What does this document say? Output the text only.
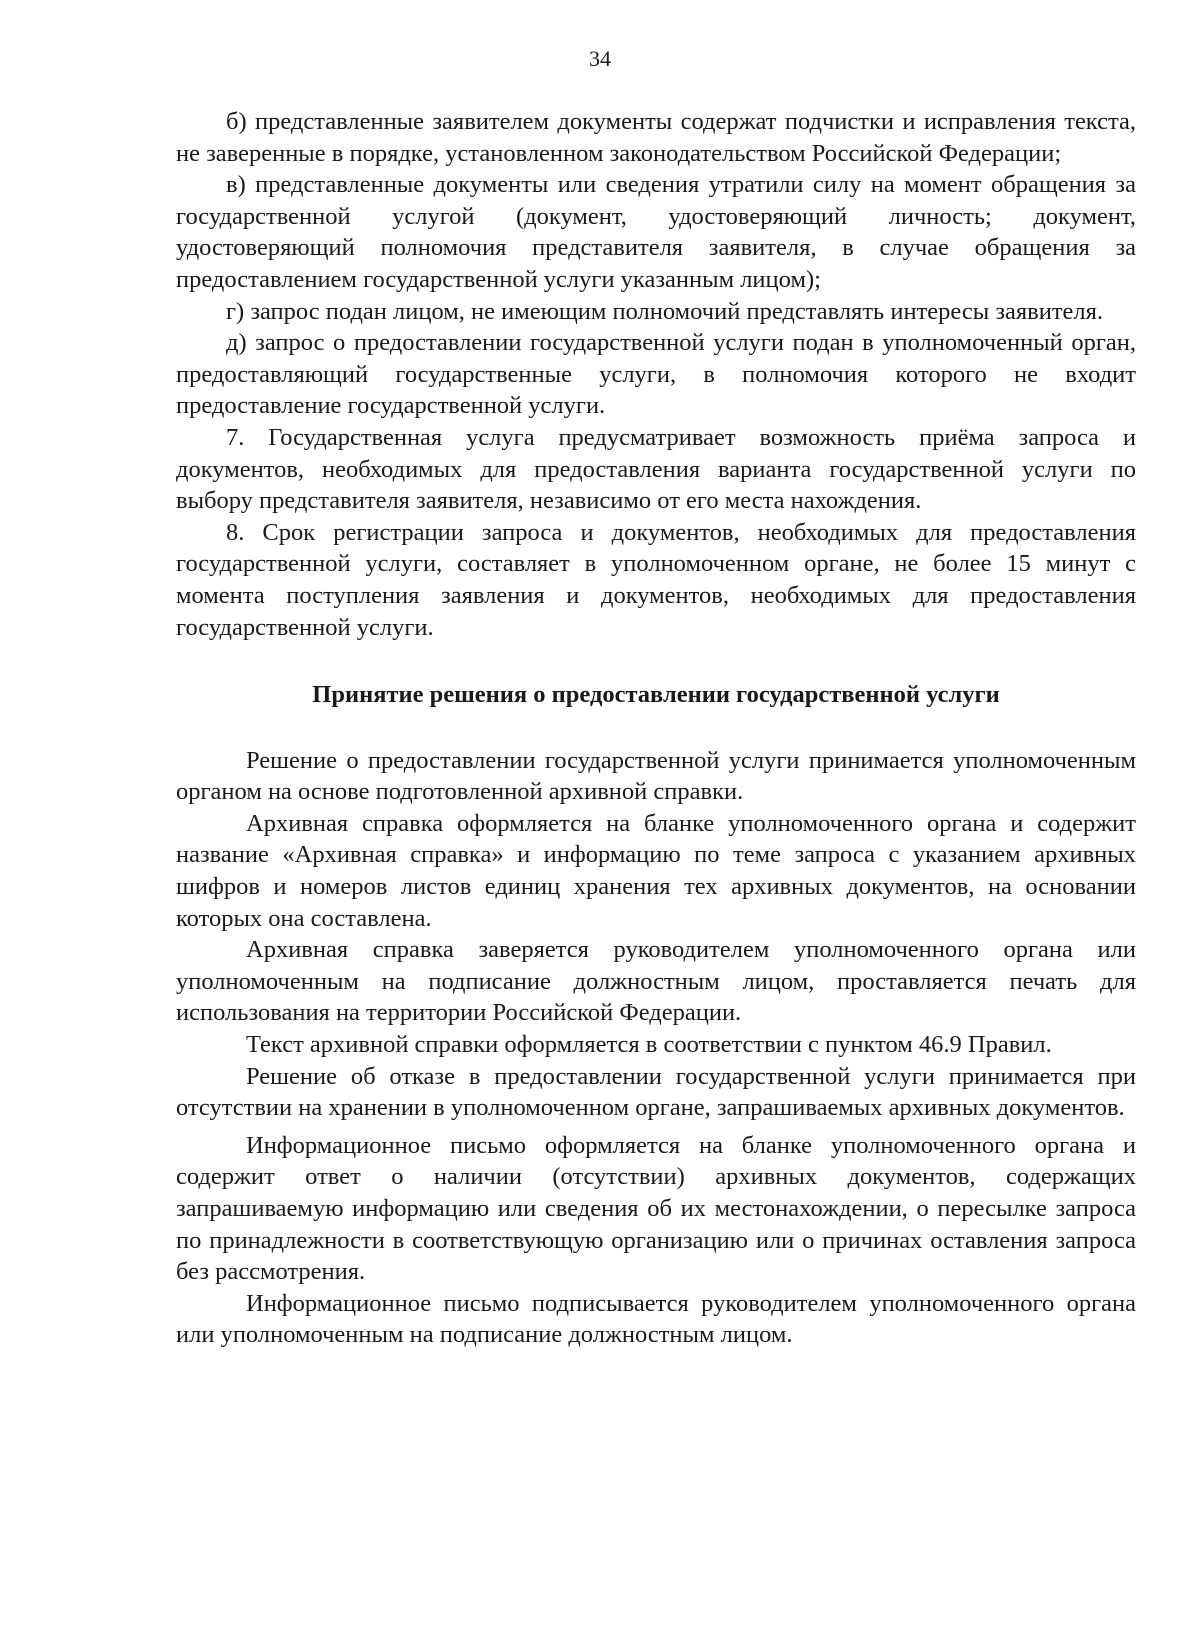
34

б) представленные заявителем документы содержат подчистки и исправления текста, не заверенные в порядке, установленном законодательством Российской Федерации;

в) представленные документы или сведения утратили силу на момент обращения за государственной услугой (документ, удостоверяющий личность; документ, удостоверяющий полномочия представителя заявителя, в случае обращения за предоставлением государственной услуги указанным лицом);

г) запрос подан лицом, не имеющим полномочий представлять интересы заявителя.

д) запрос о предоставлении государственной услуги подан в уполномоченный орган, предоставляющий государственные услуги, в полномочия которого не входит предоставление государственной услуги.

7. Государственная услуга предусматривает возможность приёма запроса и документов, необходимых для предоставления варианта государственной услуги по выбору представителя заявителя, независимо от его места нахождения.

8. Срок регистрации запроса и документов, необходимых для предоставления государственной услуги, составляет в уполномоченном органе, не более 15 минут с момента поступления заявления и документов, необходимых для предоставления государственной услуги.

Принятие решения о предоставлении государственной услуги

Решение о предоставлении государственной услуги принимается уполномоченным органом на основе подготовленной архивной справки.

Архивная справка оформляется на бланке уполномоченного органа и содержит название «Архивная справка» и информацию по теме запроса с указанием архивных шифров и номеров листов единиц хранения тех архивных документов, на основании которых она составлена.

Архивная справка заверяется руководителем уполномоченного органа или уполномоченным на подписание должностным лицом, проставляется печать для использования на территории Российской Федерации.

Текст архивной справки оформляется в соответствии с пунктом 46.9 Правил.

Решение об отказе в предоставлении государственной услуги принимается при отсутствии на хранении в уполномоченном органе, запрашиваемых архивных документов.

Информационное письмо оформляется на бланке уполномоченного органа и содержит ответ о наличии (отсутствии) архивных документов, содержащих запрашиваемую информацию или сведения об их местонахождении, о пересылке запроса по принадлежности в соответствующую организацию или о причинах оставления запроса без рассмотрения.

Информационное письмо подписывается руководителем уполномоченного органа или уполномоченным на подписание должностным лицом.
